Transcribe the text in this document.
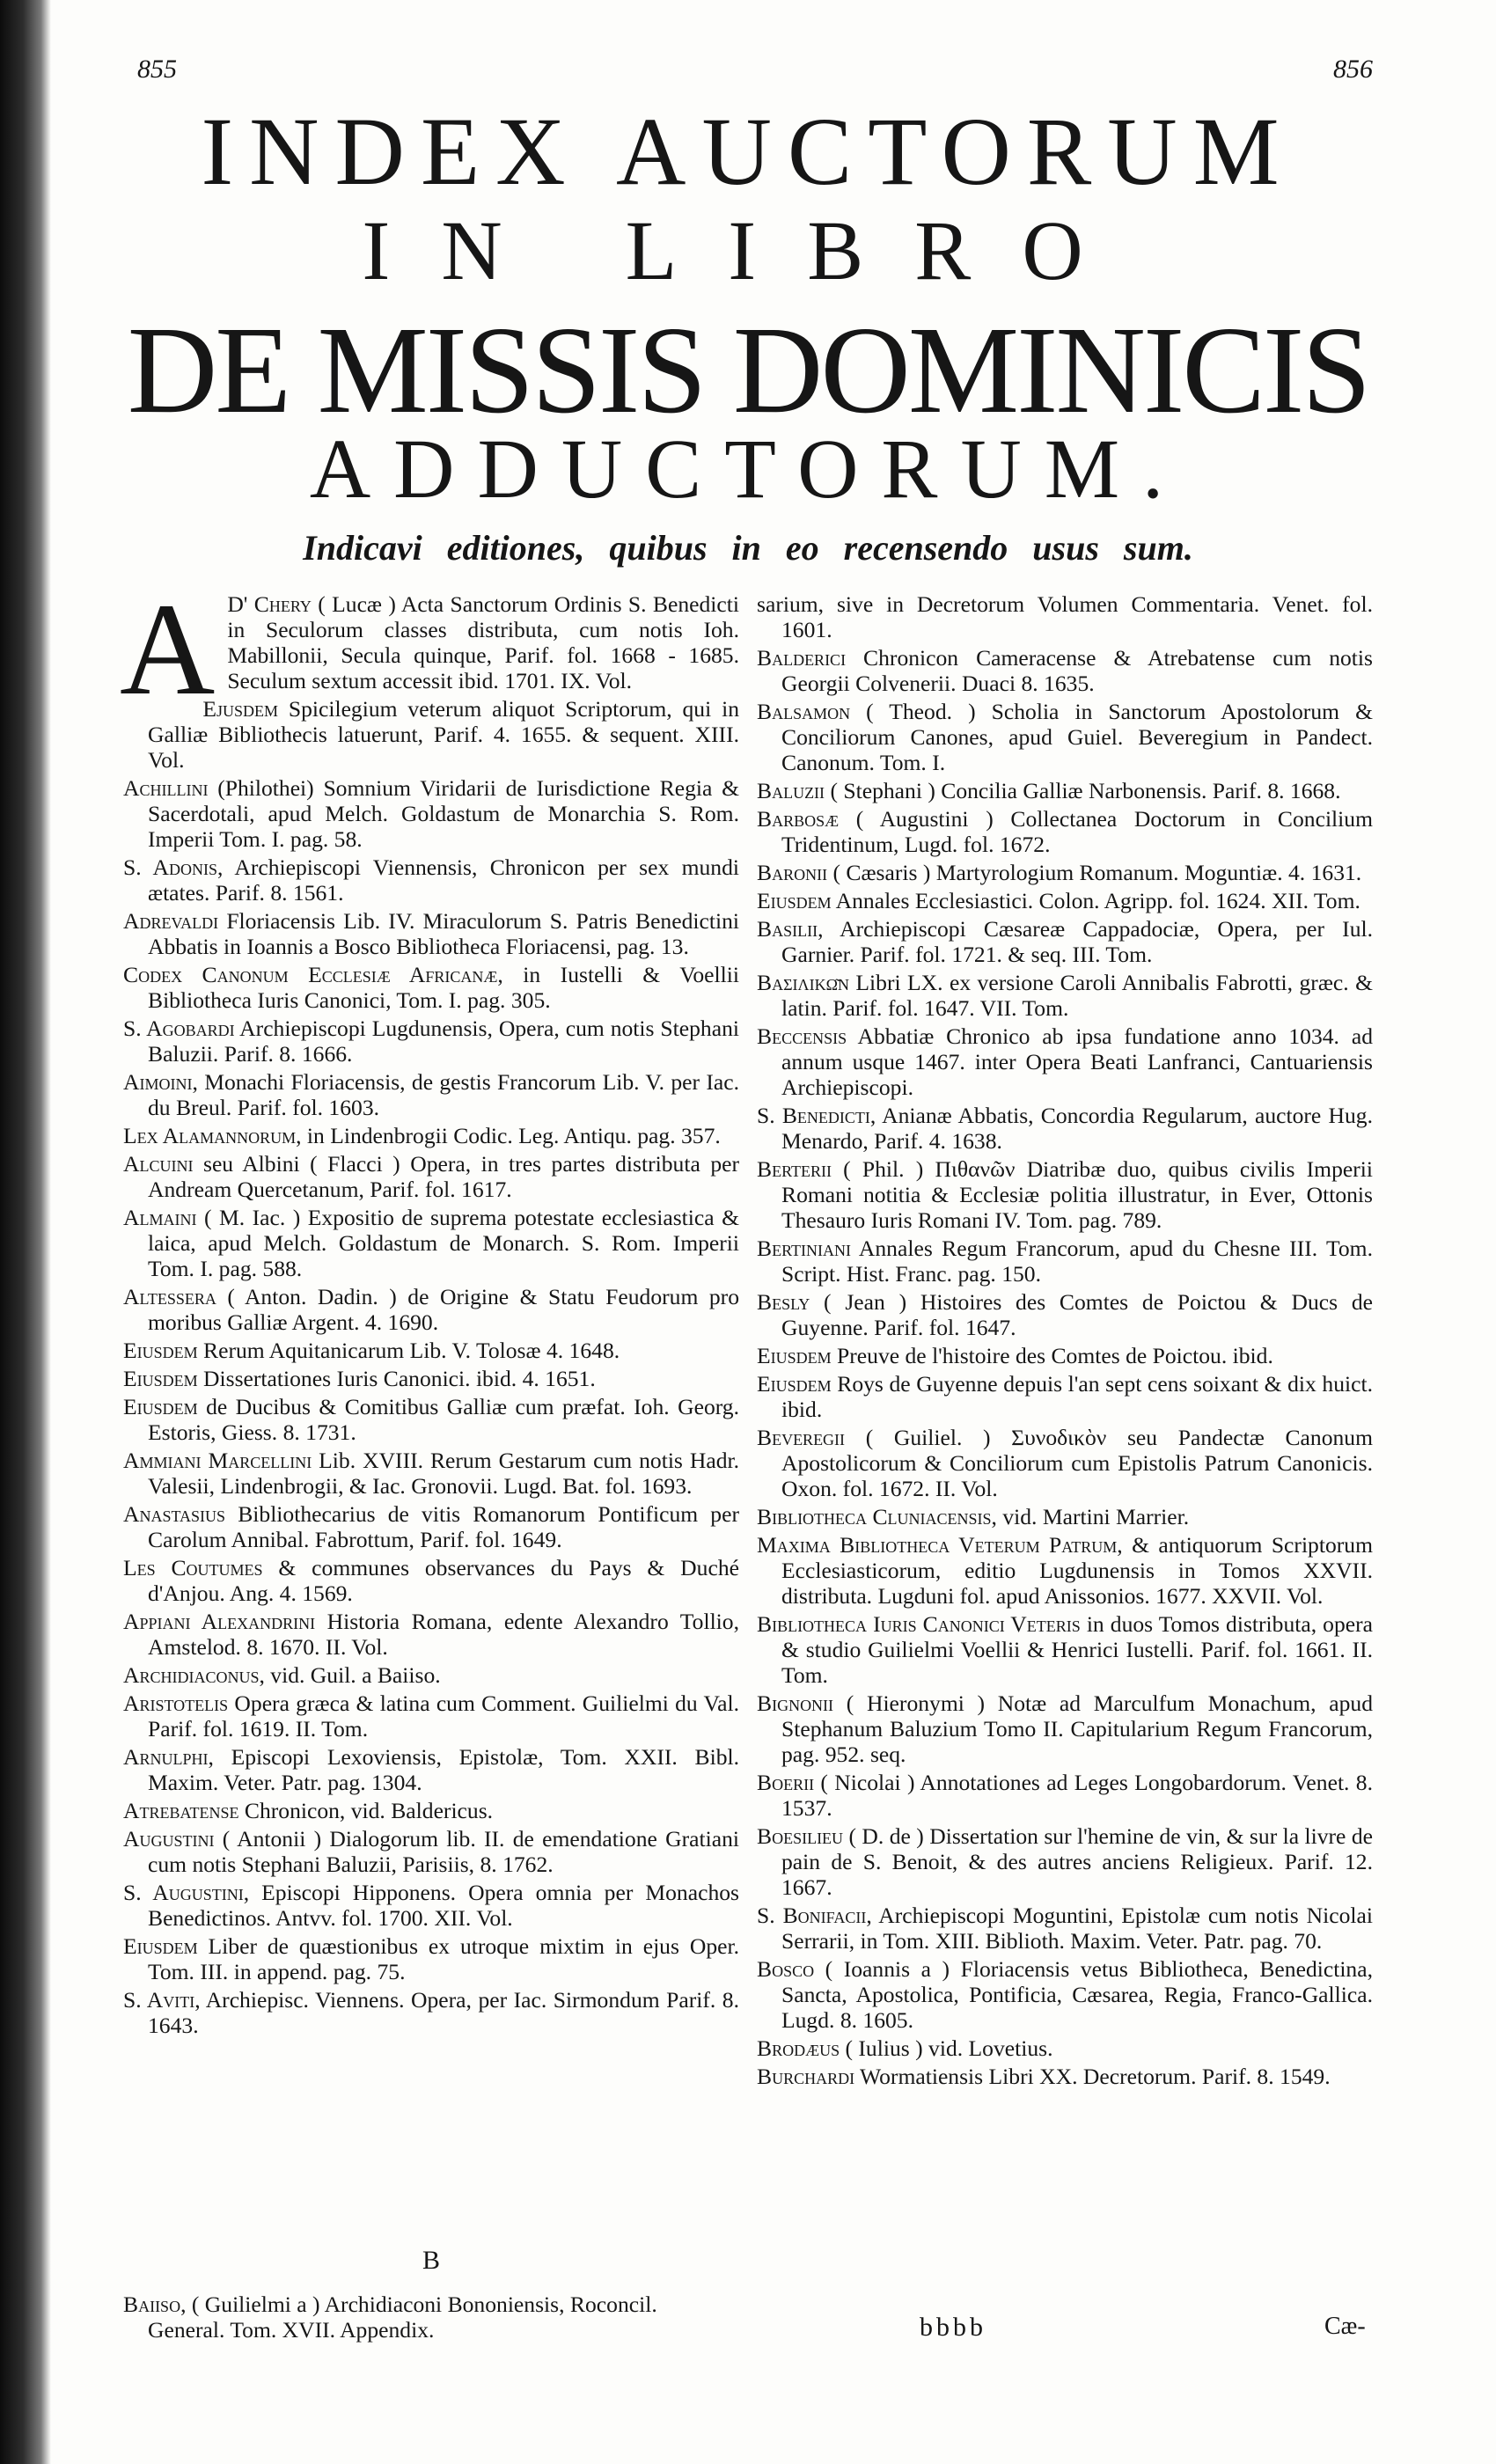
855	856
INDEX AUCTORUM
IN LIBRO
DE MISSIS DOMINICIS
ADDUCTORUM.
Indicavi editiones, quibus in eo recensendo usus sum.

A D' Chery ( Lucæ ) Acta Sanctorum Ordinis S. Benedicti in Seculorum classes distributa, cum notis Ioh. Mabillonii, Secula quinque, Parif. fol. 1668 - 1685. Seculum sextum accessit ibid. 1701. IX. Vol.

Ejusdem Spicilegium veterum aliquot Scriptorum, qui in Galliæ Bibliothecis latuerunt, Parif. 4. 1655. & sequent. XIII. Vol.

Achillini (Philothei) Somnium Viridarii de Iurisdictione Regia & Sacerdotali, apud Melch. Goldastum de Monarchia S. Rom. Imperii Tom. I. pag. 58.

S. Adonis, Archiepiscopi Viennensis, Chronicon per sex mundi ætates. Parif. 8. 1561.

Adrevaldi Floriacensis Lib. IV. Miraculorum S. Patris Benedictini Abbatis in Ioannis a Bosco Bibliotheca Floriacensi, pag. 13.

Codex Canonum Ecclesiæ Africanæ, in Iustelli & Voellii Bibliotheca Iuris Canonici, Tom. I. pag. 305.

S. Agobardi Archiepiscopi Lugdunensis, Opera, cum notis Stephani Baluzii. Parif. 8. 1666.

Aimoini, Monachi Floriacensis, de gestis Francorum Lib. V. per Iac. du Breul. Parif. fol. 1603.

Lex Alamannorum, in Lindenbrogii Codic. Leg. Antiqu. pag. 357.

Alcuini seu Albini ( Flacci ) Opera, in tres partes distributa per Andream Quercetanum, Parif. fol. 1617.

Almaini ( M. Iac. ) Expositio de suprema potestate ecclesiastica & laica, apud Melch. Goldastum de Monarch. S. Rom. Imperii Tom. I. pag. 588.

Altessera ( Anton. Dadin. ) de Origine & Statu Feudorum pro moribus Galliæ Argent. 4. 1690.

Eiusdem Rerum Aquitanicarum Lib. V. Tolosæ 4. 1648.

Eiusdem Dissertationes Iuris Canonici. ibid. 4. 1651.

Eiusdem de Ducibus & Comitibus Galliæ cum præfat. Ioh. Georg. Estoris, Giess. 8. 1731.

Ammiani Marcellini Lib. XVIII. Rerum Gestarum cum notis Hadr. Valesii, Lindenbrogii, & Iac. Gronovii. Lugd. Bat. fol. 1693.

Anastasius Bibliothecarius de vitis Romanorum Pontificum per Carolum Annibal. Fabrottum, Parif. fol. 1649.

Les Coutumes & communes observances du Pays & Duché d'Anjou. Ang. 4. 1569.

Appiani Alexandrini Historia Romana, edente Alexandro Tollio, Amstelod. 8. 1670. II. Vol.

Archidiaconus, vid. Guil. a Baiiso.

Aristotelis Opera græca & latina cum Comment. Guilielmi du Val. Parif. fol. 1619. II. Tom.

Arnulphi, Episcopi Lexoviensis, Epistolæ, Tom. XXII. Bibl. Maxim. Veter. Patr. pag. 1304.

Atrebatense Chronicon, vid. Baldericus.

Augustini ( Antonii ) Dialogorum lib. II. de emendatione Gratiani cum notis Stephani Baluzii, Parisiis, 8. 1762.

S. Augustini, Episcopi Hipponens. Opera omnia per Monachos Benedictinos. Antvv. fol. 1700. XII. Vol.

Eiusdem Liber de quæstionibus ex utroque mixtim in ejus Oper. Tom. III. in append. pag. 75.

S. Aviti, Archiepisc. Viennens. Opera, per Iac. Sirmondum Parif. 8. 1643.

sarium, sive in Decretorum Volumen Commentaria. Venet. fol. 1601.

Balderici Chronicon Cameracense & Atrebatense cum notis Georgii Colvenerii. Duaci 8. 1635.

Balsamon ( Theod. ) Scholia in Sanctorum Apostolorum & Conciliorum Canones, apud Guiel. Beveregium in Pandect. Canonum. Tom. I.

Baluzii ( Stephani ) Concilia Galliæ Narbonensis. Parif. 8. 1668.

Barbosæ ( Augustini ) Collectanea Doctorum in Concilium Tridentinum, Lugd. fol. 1672.

Baronii ( Cæsaris ) Martyrologium Romanum. Moguntiæ. 4. 1631.

Eiusdem Annales Ecclesiastici. Colon. Agripp. fol. 1624. XII. Tom.

Basilii, Archiepiscopi Cæsareæ Cappadociæ, Opera, per Iul. Garnier. Parif. fol. 1721. & seq. III. Tom.

Βασιλικῶν Libri LX. ex versione Caroli Annibalis Fabrotti, græc. & latin. Parif. fol. 1647. VII. Tom.

Beccensis Abbatiæ Chronico ab ipsa fundatione anno 1034. ad annum usque 1467. inter Opera Beati Lanfranci, Cantuariensis Archiepiscopi.

S. Benedicti, Anianæ Abbatis, Concordia Regularum, auctore Hug. Menardo, Parif. 4. 1638.

Berterii ( Phil. ) Πιθανῶν Diatribæ duo, quibus civilis Imperii Romani notitia & Ecclesiæ politia illustratur, in Ever, Ottonis Thesauro Iuris Romani IV. Tom. pag. 789.

Bertiniani Annales Regum Francorum, apud du Chesne III. Tom. Script. Hist. Franc. pag. 150.

Besly ( Jean ) Histoires des Comtes de Poictou & Ducs de Guyenne. Parif. fol. 1647.

Eiusdem Preuve de l'histoire des Comtes de Poictou. ibid.

Eiusdem Roys de Guyenne depuis l'an sept cens soixant & dix huict. ibid.

Beveregii ( Guiliel. ) Συνοδικὸν seu Pandectæ Canonum Apostolicorum & Conciliorum cum Epistolis Patrum Canonicis. Oxon. fol. 1672. II. Vol.

Bibliotheca Cluniacensis, vid. Martini Marrier.

Maxima Bibliotheca Veterum Patrum, & antiquorum Scriptorum Ecclesiasticorum, editio Lugdunensis in Tomos XXVII. distributa. Lugduni fol. apud Anissonios. 1677. XXVII. Vol.

Bibliotheca Iuris Canonici Veteris in duos Tomos distributa, opera & studio Guilielmi Voellii & Henrici Iustelli. Parif. fol. 1661. II. Tom.

Bignonii ( Hieronymi ) Notæ ad Marculfum Monachum, apud Stephanum Baluzium Tomo II. Capitularium Regum Francorum, pag. 952. seq.

Boerii ( Nicolai ) Annotationes ad Leges Longobardorum. Venet. 8. 1537.

Boesilieu ( D. de ) Dissertation sur l'hemine de vin, & sur la livre de pain de S. Benoit, & des autres anciens Religieux. Parif. 12. 1667.

S. Bonifacii, Archiepiscopi Moguntini, Epistolæ cum notis Nicolai Serrarii, in Tom. XIII. Biblioth. Maxim. Veter. Patr. pag. 70.

Bosco ( Ioannis a ) Floriacensis vetus Bibliotheca, Benedictina, Sancta, Apostolica, Pontificia, Cæsarea, Regia, Franco-Gallica. Lugd. 8. 1605.

Brodæus ( Iulius ) vid. Lovetius.

Burchardi Wormatiensis Libri XX. Decretorum. Parif. 8. 1549.

B
Baiiso, ( Guilielmi a ) Archidiaconi Bononiensis, Roconcil. General. Tom. XVII. Appendix.	bbbb	Cæ-
